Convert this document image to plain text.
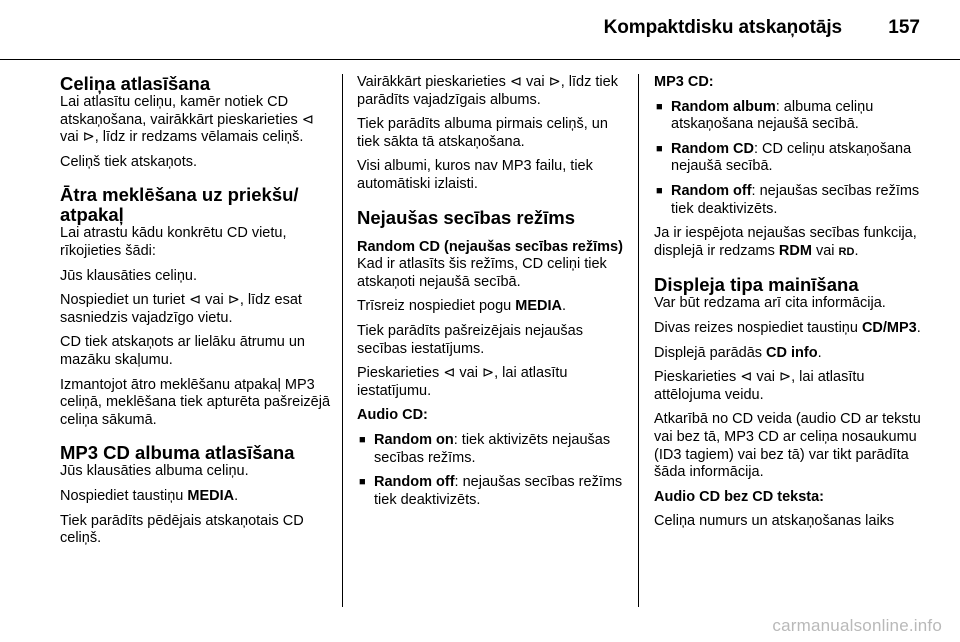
Kompaktdisku atskaņotājs 157
Celiņa atlasīšana

Lai atlasītu celiņu, kamēr notiek CD atskaņošana, vairākkārt pieskarieties ⊲ vai ⊳, līdz ir redzams vēlamais celiņš.

Celiņš tiek atskaņots.

Ātra meklēšana uz priekšu/ atpakaļ

Lai atrastu kādu konkrētu CD vietu, rīkojieties šādi:

Jūs klausāties celiņu.

Nospiediet un turiet ⊲ vai ⊳, līdz esat sasniedzis vajadzīgo vietu.

CD tiek atskaņots ar lielāku ātrumu un mazāku skaļumu.

Izmantojot ātro meklēšanu atpakaļ MP3 celiņā, meklēšana tiek apturēta pašreizējā celiņa sākumā.

MP3 CD albuma atlasīšana

Jūs klausāties albuma celiņu.

Nospiediet taustiņu MEDIA.

Tiek parādīts pēdējais atskaņotais CD celiņš.

Vairākkārt pieskarieties ⊲ vai ⊳, līdz tiek parādīts vajadzīgais albums.

Tiek parādīts albuma pirmais celiņš, un tiek sākta tā atskaņošana.

Visi albumi, kuros nav MP3 failu, tiek automātiski izlaisti.

Nejaušas secības režīms
Random CD (nejaušas secības režīms)

Kad ir atlasīts šis režīms, CD celiņi tiek atskaņoti nejaušā secībā.

Trīsreiz nospiediet pogu MEDIA.

Tiek parādīts pašreizējais nejaušas secības iestatījums.

Pieskarieties ⊲ vai ⊳, lai atlasītu iestatījumu.

Audio CD:

■ Random on: tiek aktivizēts nejaušas secības režīms.
■ Random off: nejaušas secības režīms tiek deaktivizēts.

MP3 CD:

■ Random album: albuma celiņu atskaņošana nejaušā secībā.
■ Random CD: CD celiņu atskaņošana nejaušā secībā.
■ Random off: nejaušas secības režīms tiek deaktivizēts.

Ja ir iespējota nejaušas secības funkcija, displejā ir redzams RDM vai RD.

Displeja tipa mainīšana

Var būt redzama arī cita informācija.

Divas reizes nospiediet taustiņu CD/MP3.

Displejā parādās CD info.

Pieskarieties ⊲ vai ⊳, lai atlasītu attēlojuma veidu.

Atkarībā no CD veida (audio CD ar tekstu vai bez tā, MP3 CD ar celiņa nosaukumu (ID3 tagiem) vai bez tā) var tikt parādīta šāda informācija.

Audio CD bez CD teksta:

Celiņa numurs un atskaņošanas laiks

carmanualsonline.info
